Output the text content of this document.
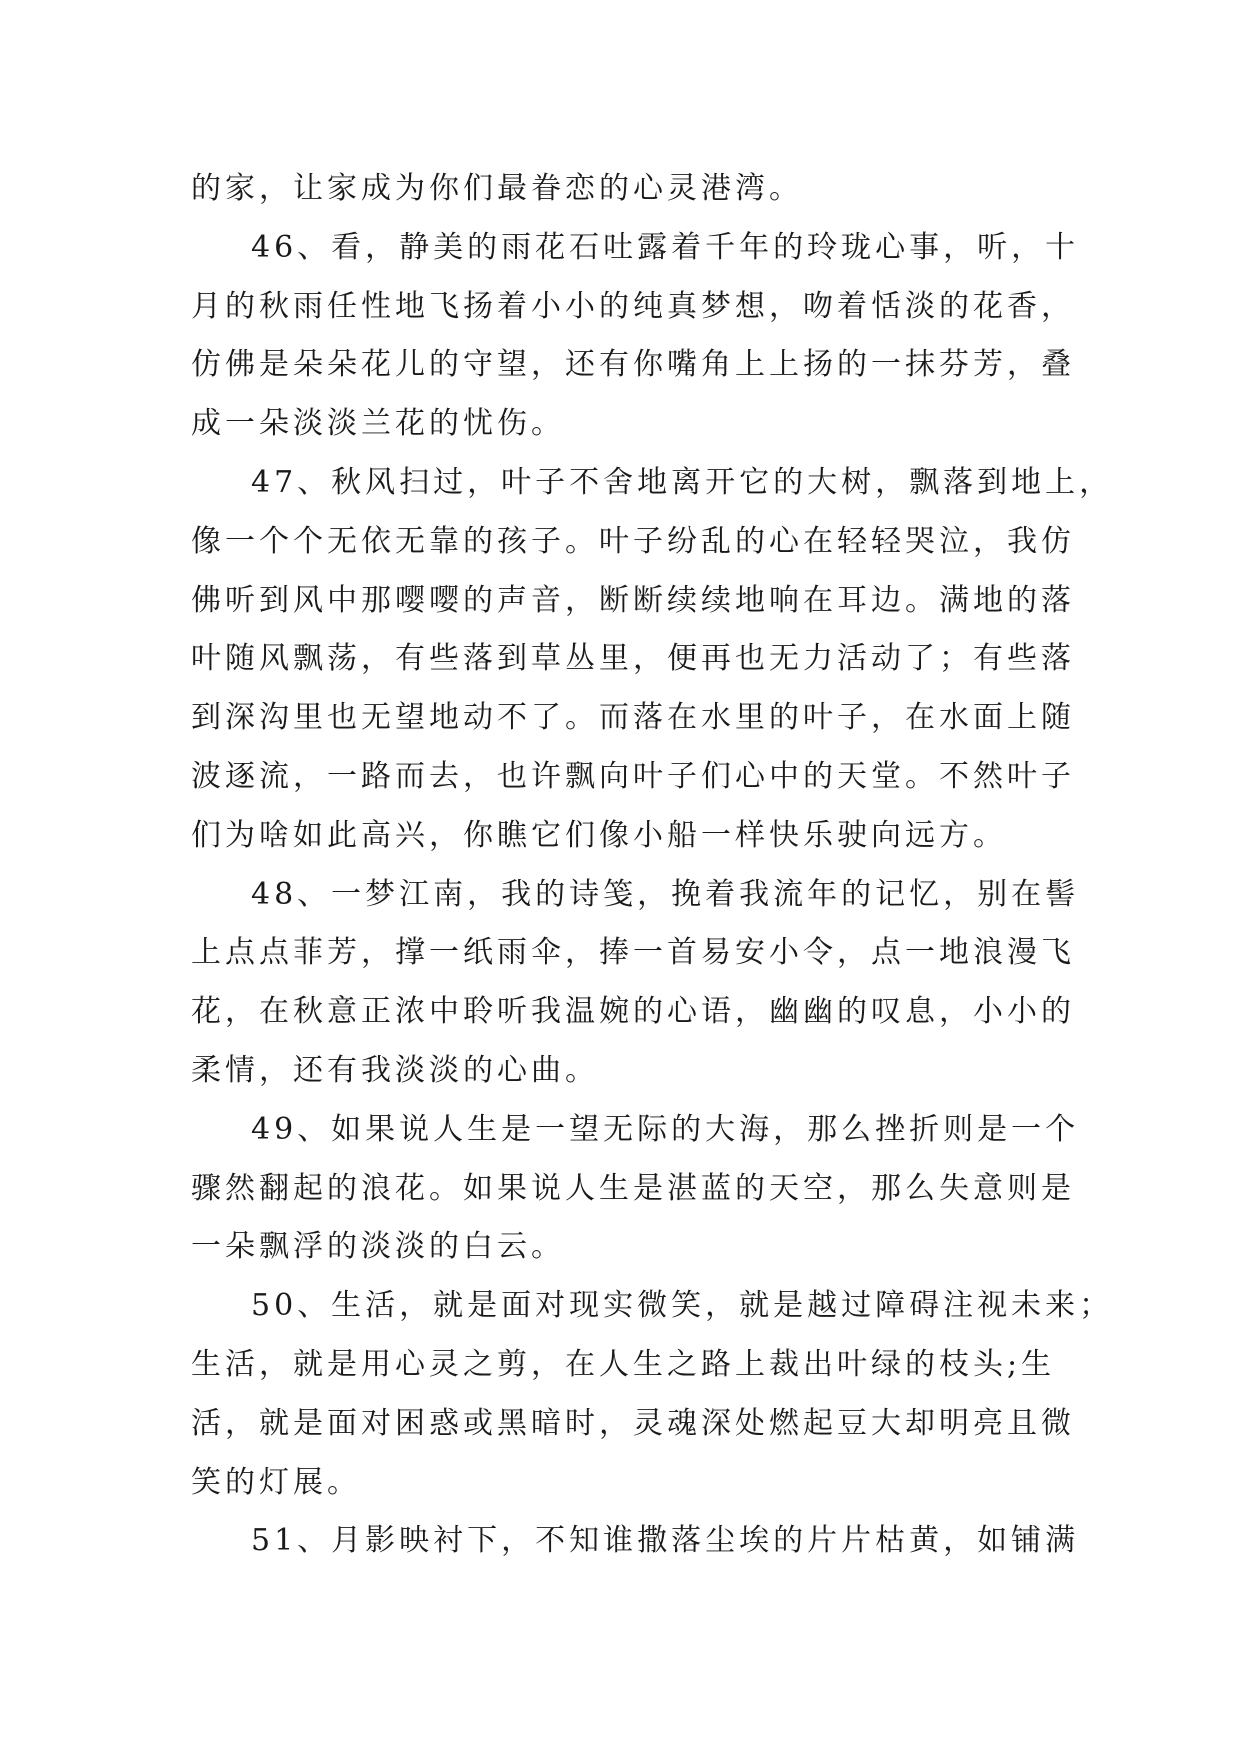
的家，让家成为你们最眷恋的心灵港湾。
46、看，静美的雨花石吐露着千年的玲珑心事，听，十
月的秋雨任性地飞扬着小小的纯真梦想，吻着恬淡的花香，
仿佛是朵朵花儿的守望，还有你嘴角上上扬的一抹芬芳，叠
成一朵淡淡兰花的忧伤。
47、秋风扫过，叶子不舍地离开它的大树，飘落到地上，
像一个个无依无靠的孩子。叶子纷乱的心在轻轻哭泣，我仿
佛听到风中那嘤嘤的声音，断断续续地响在耳边。满地的落
叶随风飘荡，有些落到草丛里，便再也无力活动了；有些落
到深沟里也无望地动不了。而落在水里的叶子，在水面上随
波逐流，一路而去，也许飘向叶子们心中的天堂。不然叶子
们为啥如此高兴，你瞧它们像小船一样快乐驶向远方。
48、一梦江南，我的诗笺，挽着我流年的记忆，别在髻
上点点菲芳，撑一纸雨伞，捧一首易安小令，点一地浪漫飞
花，在秋意正浓中聆听我温婉的心语，幽幽的叹息，小小的
柔情，还有我淡淡的心曲。
49、如果说人生是一望无际的大海，那么挫折则是一个
骤然翻起的浪花。如果说人生是湛蓝的天空，那么失意则是
一朵飘浮的淡淡的白云。
50、生活，就是面对现实微笑，就是越过障碍注视未来；
生活，就是用心灵之剪，在人生之路上裁出叶绿的枝头;生
活，就是面对困惑或黑暗时，灵魂深处燃起豆大却明亮且微
笑的灯展。
51、月影映衬下，不知谁撒落尘埃的片片枯黄，如铺满
